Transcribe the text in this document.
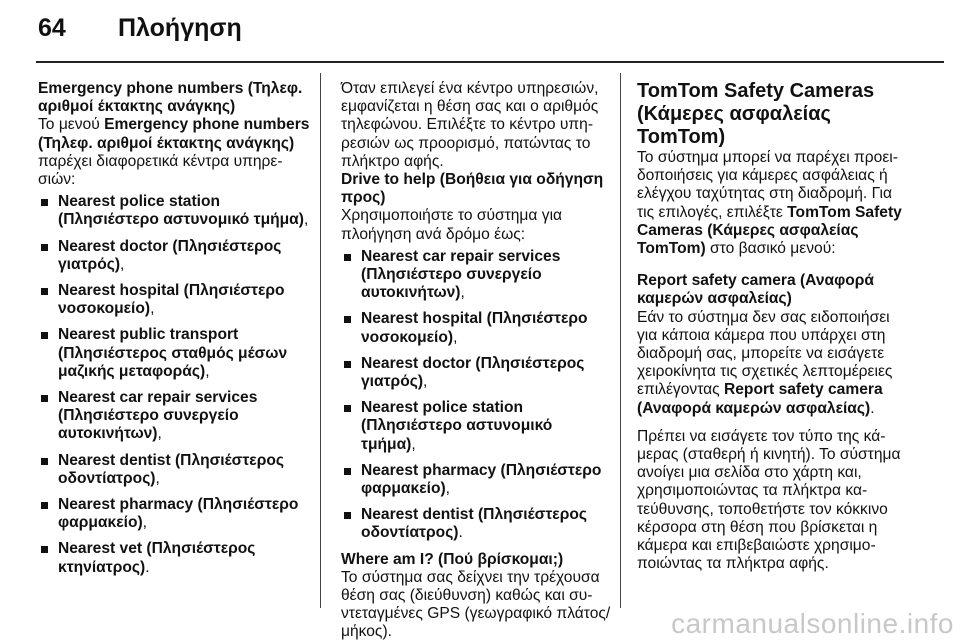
64 Πλοήγηση
Emergency phone numbers (Τηλεφ. αριθμοί έκτακτης ανάγκης)

Το μενού Emergency phone numbers (Τηλεφ. αριθμοί έκτακτης ανάγκης) παρέχει διαφορετικά κέντρα υπηρεσιών:

Nearest police station (Πλησιέστερο αστυνομικό τμήμα),
Nearest doctor (Πλησιέστερος γιατρός),
Nearest hospital (Πλησιέστερο νοσοκομείο),
Nearest public transport (Πλησιέστερος σταθμός μέσων μαζικής μεταφοράς),
Nearest car repair services (Πλησιέστερο συνεργείο αυτοκινήτων),
Nearest dentist (Πλησιέστερος οδοντίατρος),
Nearest pharmacy (Πλησιέστερο φαρμακείο),
Nearest vet (Πλησιέστερος κτηνίατρος).

Όταν επιλεγεί ένα κέντρο υπηρεσιών, εμφανίζεται η θέση σας και ο αριθμός τηλεφώνου. Επιλέξτε το κέντρο υπηρεσιών ως προορισμό, πατώντας το πλήκτρο αφής.

Drive to help (Βοήθεια για οδήγηση προς)

Χρησιμοποιήστε το σύστημα για πλοήγηση ανά δρόμο έως:

Nearest car repair services (Πλησιέστερο συνεργείο αυτοκινήτων),
Nearest hospital (Πλησιέστερο νοσοκομείο),
Nearest doctor (Πλησιέστερος γιατρός),
Nearest police station (Πλησιέστερο αστυνομικό τμήμα),
Nearest pharmacy (Πλησιέστερο φαρμακείο),
Nearest dentist (Πλησιέστερος οδοντίατρος).
Where am I? (Πού βρίσκομαι;)

Το σύστημα σας δείχνει την τρέχουσα θέση σας (διεύθυνση) καθώς και συντεταγμένες GPS (γεωγραφικό πλάτος/μήκος).

TomTom Safety Cameras (Κάμερες ασφαλείας TomTom)

Το σύστημα μπορεί να παρέχει προειδοποιήσεις για κάμερες ασφάλειας ή ελέγχου ταχύτητας στη διαδρομή. Για τις επιλογές, επιλέξτε TomTom Safety Cameras (Κάμερες ασφαλείας TomTom) στο βασικό μενού:

Report safety camera (Αναφορά καμερών ασφαλείας)

Εάν το σύστημα δεν σας ειδοποιήσει για κάποια κάμερα που υπάρχει στη διαδρομή σας, μπορείτε να εισάγετε χειροκίνητα τις σχετικές λεπτομέρειες επιλέγοντας Report safety camera (Αναφορά καμερών ασφαλείας).

Πρέπει να εισάγετε τον τύπο της κάμερας (σταθερή ή κινητή). Το σύστημα ανοίγει μια σελίδα στο χάρτη και, χρησιμοποιώντας τα πλήκτρα κατεύθυνσης, τοποθετήστε τον κόκκινο κέρσορα στη θέση που βρίσκεται η κάμερα και επιβεβαιώστε χρησιμοποιώντας τα πλήκτρα αφής.

carmanualsonline.info
